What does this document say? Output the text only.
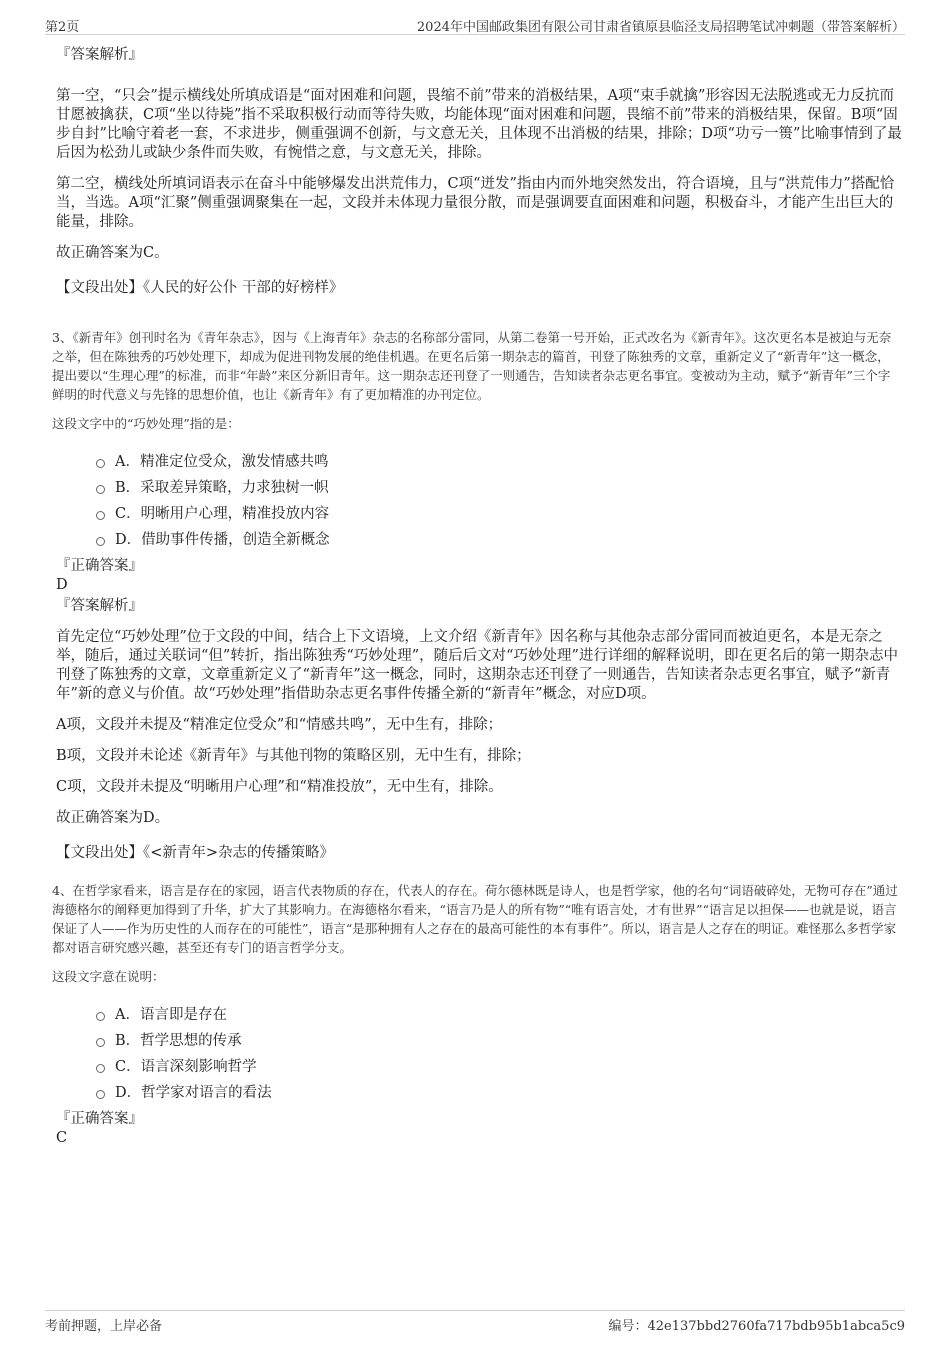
第2页	2024年中国邮政集团有限公司甘肃省镇原县临泾支局招聘笔试冲刺题（带答案解析）
『答案解析』
第一空，“只会”提示横线处所填成语是“面对困难和问题，畏缩不前”带来的消极结果，A项“束手就擒”形容因无法脱逃或无力反抗而甘愿被擒获，C项“坐以待毙”指不采取积极行动而等待失败，均能体现“面对困难和问题，畏缩不前”带来的消极结果，保留。B项“固步自封”比喻守着老一套，不求进步，侧重强调不创新，与文意无关，且体现不出消极的结果，排除；D项“功亏一篑”比喻事情到了最后因为松劲儿或缺少条件而失败，有惋惜之意，与文意无关，排除。
第二空，横线处所填词语表示在奋斗中能够爆发出洪荒伟力，C项“迸发”指由内而外地突然发出，符合语境，且与“洪荒伟力”搭配恰当，当选。A项“汇聚”侧重强调聚集在一起，文段并未体现力量很分散，而是强调要直面困难和问题，积极奋斗，才能产生出巨大的能量，排除。
故正确答案为C。
【文段出处】《人民的好公仆 干部的好榜样》
3、《新青年》创刊时名为《青年杂志》，因与《上海青年》杂志的名称部分雷同，从第二卷第一号开始，正式改名为《新青年》。这次更名本是被迫与无奈之举，但在陈独秀的巧妙处理下，却成为促进刊物发展的绝佳机遇。在更名后第一期杂志的篇首，刊登了陈独秀的文章，重新定义了“新青年”这一概念，提出要以“生理心理”的标准，而非“年龄”来区分新旧青年。这一期杂志还刊登了一则通告，告知读者杂志更名事宜。变被动为主动，赋予“新青年”三个字鲜明的时代意义与先锋的思想价值，也让《新青年》有了更加精准的办刊定位。
这段文字中的“巧妙处理”指的是：
A．精准定位受众，激发情感共鸣
B．采取差异策略，力求独树一帜
C．明晰用户心理，精准投放内容
D．借助事件传播，创造全新概念
『正确答案』
D
『答案解析』
首先定位“巧妙处理”位于文段的中间，结合上下文语境，上文介绍《新青年》因名称与其他杂志部分雷同而被迫更名，本是无奈之举，随后，通过关联词“但”转折，指出陈独秀“巧妙处理”，随后后文对“巧妙处理”进行详细的解释说明，即在更名后的第一期杂志中刊登了陈独秀的文章，文章重新定义了“新青年”这一概念，同时，这期杂志还刊登了一则通告，告知读者杂志更名事宜，赋予“新青年”新的意义与价值。故“巧妙处理”指借助杂志更名事件传播全新的“新青年”概念，对应D项。
A项，文段并未提及“精准定位受众”和“情感共鸣”，无中生有，排除；
B项，文段并未论述《新青年》与其他刊物的策略区别，无中生有，排除；
C项，文段并未提及“明晰用户心理”和“精准投放”，无中生有，排除。
故正确答案为D。
【文段出处】《<新青年>杂志的传播策略》
4、在哲学家看来，语言是存在的家园，语言代表物质的存在，代表人的存在。荷尔德林既是诗人，也是哲学家，他的名句“词语破碎处，无物可存在”通过海德格尔的阐释更加得到了升华，扩大了其影响力。在海德格尔看来，“语言乃是人的所有物”“唯有语言处，才有世界”“语言足以担保——也就是说，语言保证了人——作为历史性的人而存在的可能性”，语言“是那种拥有人之存在的最高可能性的本有事件”。所以，语言是人之存在的明证。难怪那么多哲学家都对语言研究感兴趣，甚至还有专门的语言哲学分支。
这段文字意在说明：
A．语言即是存在
B．哲学思想的传承
C．语言深刻影响哲学
D．哲学家对语言的看法
『正确答案』
C
考前押题，上岸必备	编号：42e137bbd2760fa717bdb95b1abca5c9
